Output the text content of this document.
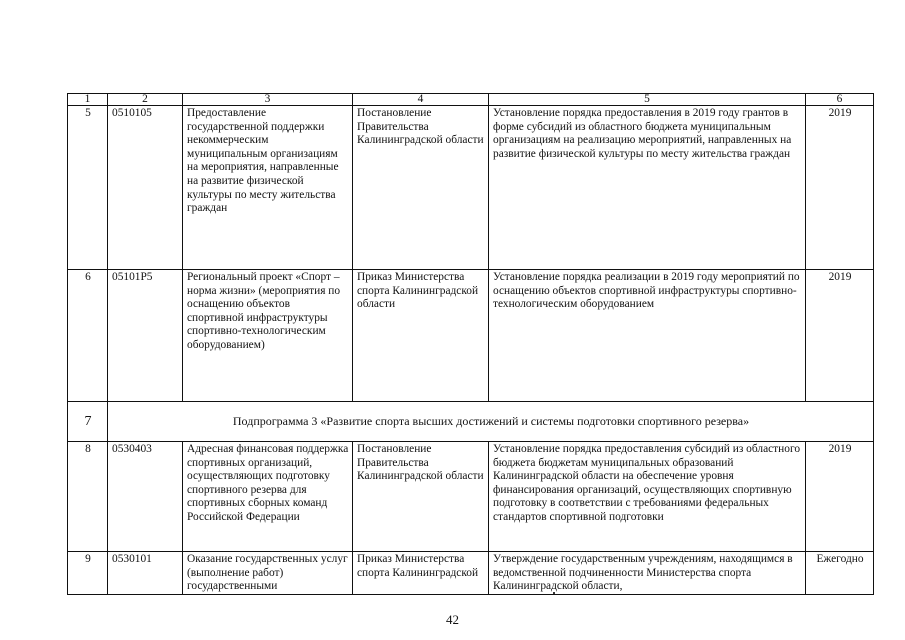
1	2	3	4	5	6
5	0510105	Предоставление государственной поддержки некоммерческим муниципальным организациям на мероприятия, направленные на развитие физической культуры по месту жительства граждан	Постановление Правительства Калининградской области	Установление порядка предоставления в 2019 году грантов в форме субсидий из областного бюджета муниципальным организациям на реализацию мероприятий, направленных на развитие физической культуры по месту жительства граждан	2019
6	05101P5	Региональный проект «Спорт – норма жизни» (мероприятия по оснащению объектов спортивной инфраструктуры спортивно-технологическим оборудованием)	Приказ Министерства спорта Калининградской области	Установление порядка реализации в 2019 году мероприятий по оснащению объектов спортивной инфраструктуры спортивно-технологическим оборудованием	2019
7	Подпрограмма 3 «Развитие спорта высших достижений и системы подготовки спортивного резерва»				
8	0530403	Адресная финансовая поддержка спортивных организаций, осуществляющих подготовку спортивного резерва для спортивных сборных команд Российской Федерации	Постановление Правительства Калининградской области	Установление порядка предоставления субсидий из областного бюджета бюджетам муниципальных образований Калининградской области на обеспечение уровня финансирования организаций, осуществляющих спортивную подготовку в соответствии с требованиями федеральных стандартов спортивной подготовки	2019
9	0530101	Оказание государственных услуг (выполнение работ) государственными	Приказ Министерства спорта Калининградской	Утверждение государственным учреждениям, находящимся в ведомственной подчиненности Министерства спорта Калининградской области,	Ежегодно
42
